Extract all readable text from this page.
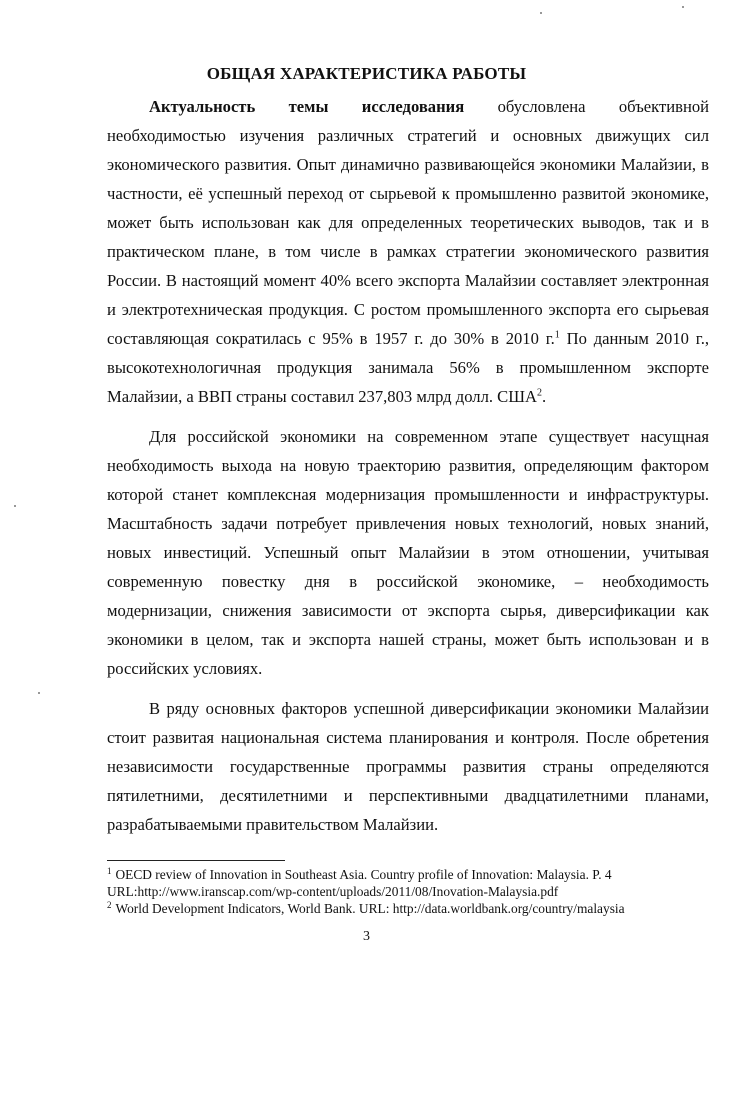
ОБЩАЯ ХАРАКТЕРИСТИКА РАБОТЫ

Актуальность темы исследования обусловлена объективной необходимостью изучения различных стратегий и основных движущих сил экономического развития. Опыт динамично развивающейся экономики Малайзии, в частности, её успешный переход от сырьевой к промышленно развитой экономике, может быть использован как для определенных теоретических выводов, так и в практическом плане, в том числе в рамках стратегии экономического развития России. В настоящий момент 40% всего экспорта Малайзии составляет электронная и электротехническая продукция. С ростом промышленного экспорта его сырьевая составляющая сократилась с 95% в 1957 г. до 30% в 2010 г.$^1$ По данным 2010 г., высокотехнологичная продукция занимала 56% в промышленном экспорте Малайзии, а ВВП страны составил 237,803 млрд долл. США$^2$.

Для российской экономики на современном этапе существует насущная необходимость выхода на новую траекторию развития, определяющим фактором которой станет комплексная модернизация промышленности и инфраструктуры. Масштабность задачи потребует привлечения новых технологий, новых знаний, новых инвестиций. Успешный опыт Малайзии в этом отношении, учитывая современную повестку дня в российской экономике, – необходимость модернизации, снижения зависимости от экспорта сырья, диверсификации как экономики в целом, так и экспорта нашей страны, может быть использован и в российских условиях.

В ряду основных факторов успешной диверсификации экономики Малайзии стоит развитая национальная система планирования и контроля. После обретения независимости государственные программы развития страны определяются пятилетними, десятилетними и перспективными двадцатилетними планами, разрабатываемыми правительством Малайзии.

$^1$ OECD review of Innovation in Southeast Asia. Country profile of Innovation: Malaysia. P. 4
URL:http://www.iranscap.com/wp-content/uploads/2011/08/Inovation-Malaysia.pdf

$^2$ World Development Indicators, World Bank. URL: http://data.worldbank.org/country/malaysia

3
